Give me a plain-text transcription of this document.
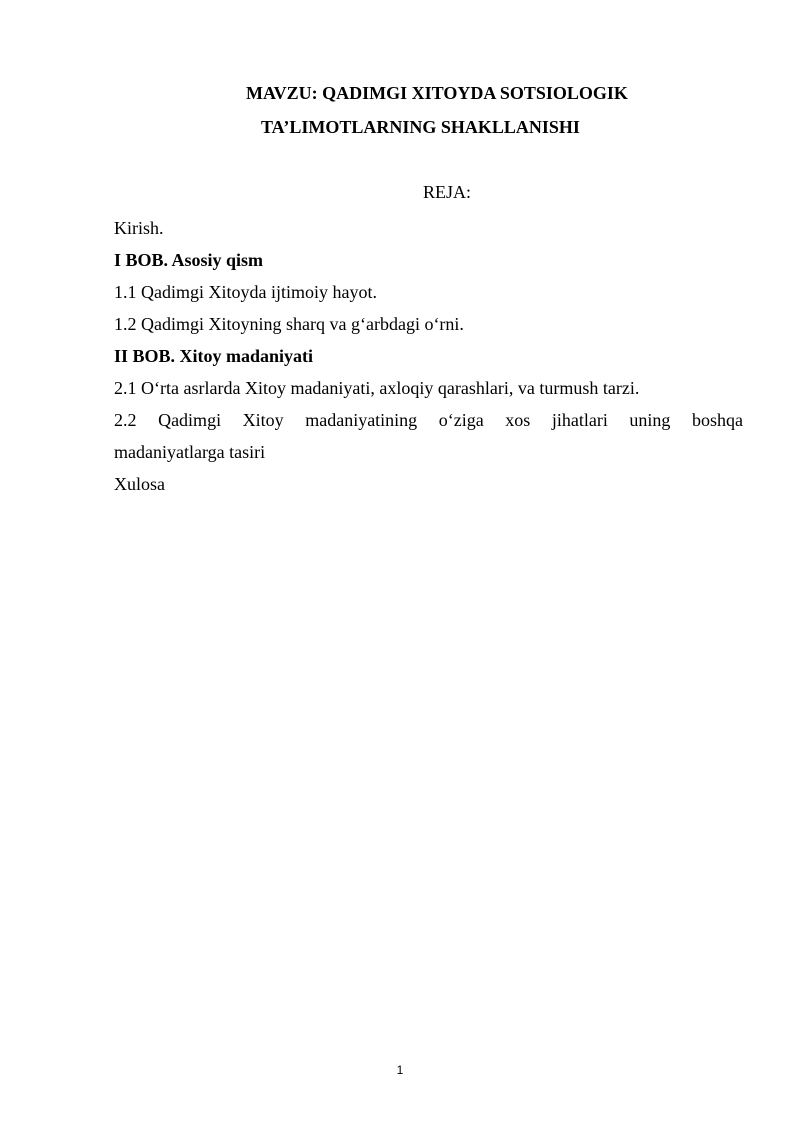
MAVZU: QADIMGI XITOYDA SOTSIOLOGIK
TA’LIMOTLARNING SHAKLLANISHI
REJA:
Kirish.
I BOB. Asosiy qism
1.1 Qadimgi Xitoyda ijtimoiy hayot.
1.2 Qadimgi Xitoyning sharq va g‘arbdagi o‘rni.
II BOB. Xitoy madaniyati
2.1 O‘rta asrlarda Xitoy madaniyati, axloqiy qarashlari, va turmush tarzi.
2.2 Qadimgi Xitoy madaniyatining o‘ziga xos jihatlari uning boshqa
madaniyatlarga tasiri
Xulosa
1
